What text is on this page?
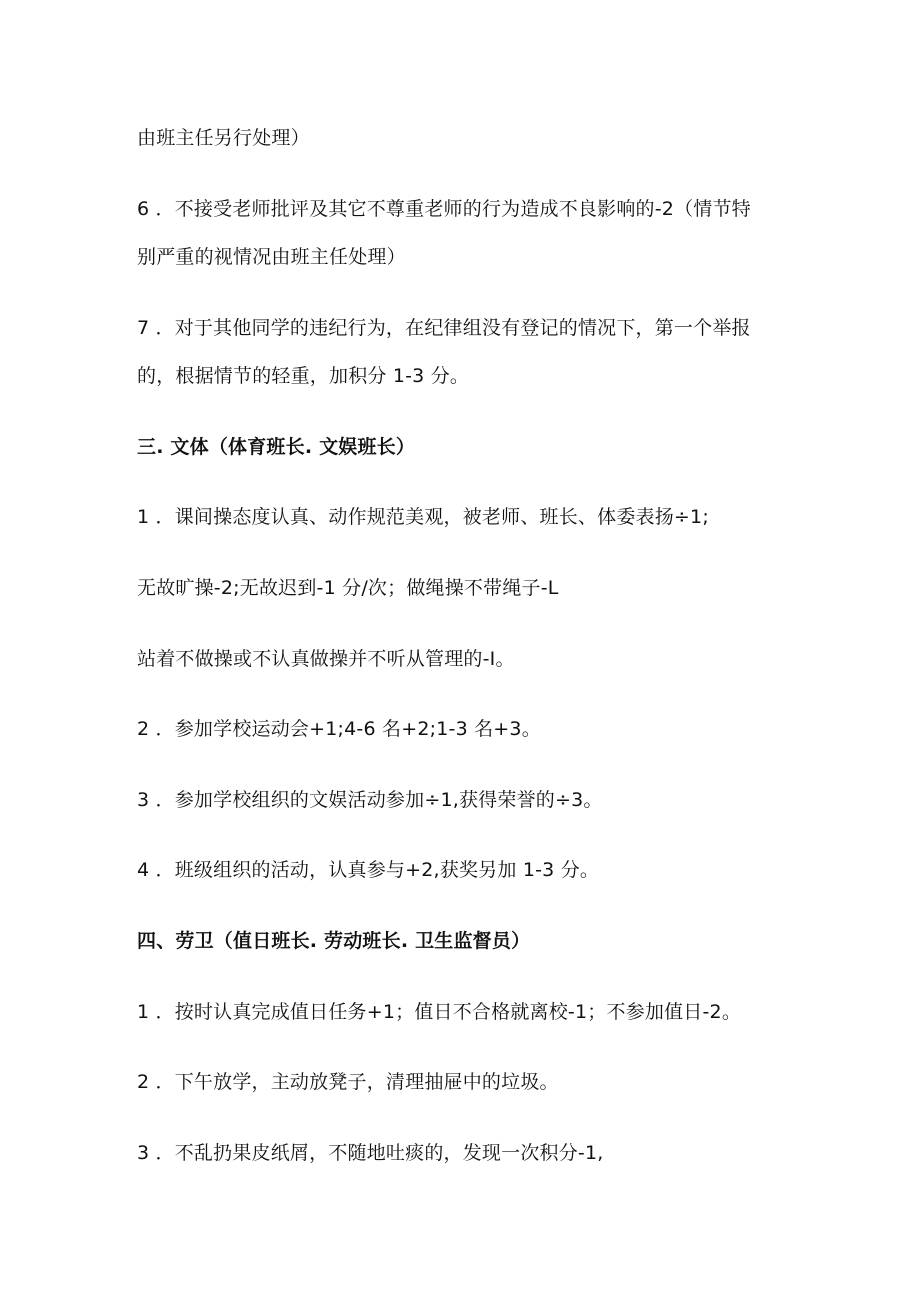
由班主任另行处理）
6 ．不接受老师批评及其它不尊重老师的行为造成不良影响的-2（情节特
别严重的视情况由班主任处理）
7 ．对于其他同学的违纪行为，在纪律组没有登记的情况下，第一个举报
的，根据情节的轻重，加积分 1-3 分。
三. 文体（体育班长. 文娱班长）
1 ．课间操态度认真、动作规范美观，被老师、班长、体委表扬÷1;
无故旷操-2;无故迟到-1 分/次；做绳操不带绳子-L
站着不做操或不认真做操并不听从管理的-I。
2 ．参加学校运动会+1;4-6 名+2;1-3 名+3。
3 ．参加学校组织的文娱活动参加÷1,获得荣誉的÷3。
4 ．班级组织的活动，认真参与+2,获奖另加 1-3 分。
四、劳卫（值日班长. 劳动班长. 卫生监督员）
1 ．按时认真完成值日任务+1；值日不合格就离校-1；不参加值日-2。
2 ．下午放学，主动放凳子，清理抽屉中的垃圾。
3 ．不乱扔果皮纸屑，不随地吐痰的，发现一次积分-1,
